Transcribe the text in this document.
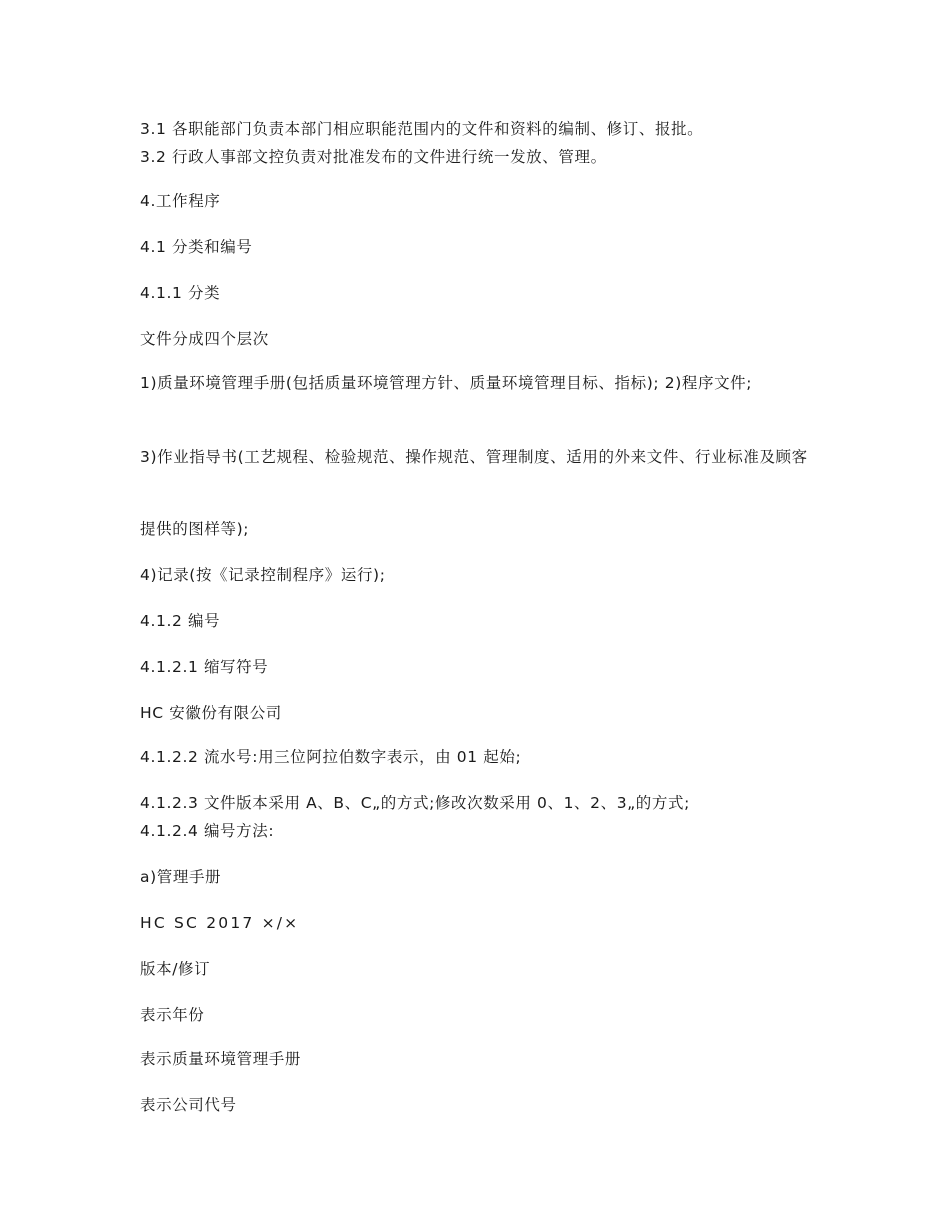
3.1 各职能部门负责本部门相应职能范围内的文件和资料的编制、修订、报批。
3.2 行政人事部文控负责对批准发布的文件进行统一发放、管理。
4.工作程序
4.1 分类和编号
4.1.1 分类
文件分成四个层次
1)质量环境管理手册(包括质量环境管理方针、质量环境管理目标、指标); 2)程序文件;
3)作业指导书(工艺规程、检验规范、操作规范、管理制度、适用的外来文件、行业标准及顾客
提供的图样等);
4)记录(按《记录控制程序》运行);
4.1.2 编号
4.1.2.1 缩写符号
HC 安徽份有限公司
4.1.2.2 流水号:用三位阿拉伯数字表示，由 01 起始;
4.1.2.3 文件版本采用 A、B、C„的方式;修改次数采用 0、1、2、3„的方式;
4.1.2.4 编号方法:
a)管理手册
HC SC 2017 ×/×
版本/修订
表示年份
表示质量环境管理手册
表示公司代号
